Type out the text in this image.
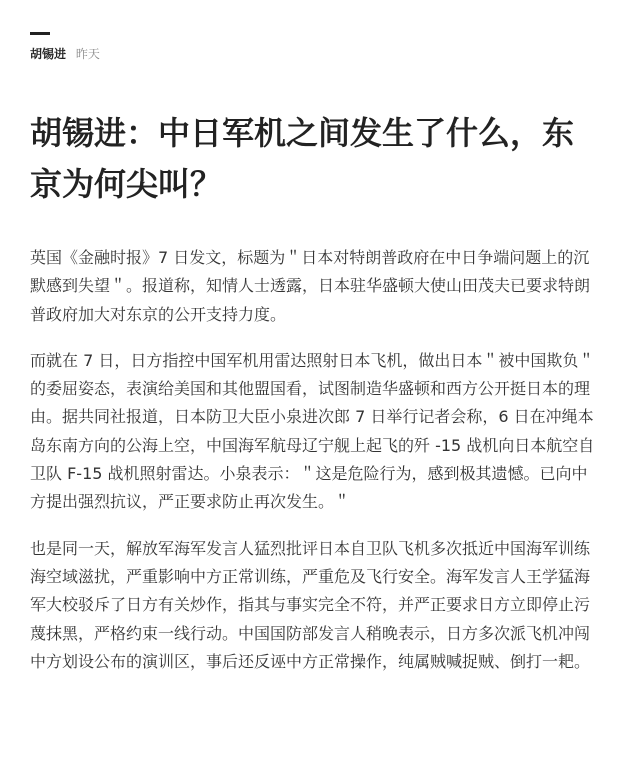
胡锡进 昨天
胡锡进：中日军机之间发生了什么，东京为何尖叫？

英国《金融时报》7 日发文，标题为＂日本对特朗普政府在中日争端问题上的沉默感到失望＂。报道称，知情人士透露，日本驻华盛顿大使山田茂夫已要求特朗普政府加大对东京的公开支持力度。

而就在 7 日，日方指控中国军机用雷达照射日本飞机，做出日本＂被中国欺负＂的委屈姿态，表演给美国和其他盟国看，试图制造华盛顿和西方公开挺日本的理由。据共同社报道，日本防卫大臣小泉进次郎 7 日举行记者会称，6 日在冲绳本岛东南方向的公海上空，中国海军航母辽宁舰上起飞的歼 -15 战机向日本航空自卫队 F-15 战机照射雷达。小泉表示：＂这是危险行为，感到极其遗憾。已向中方提出强烈抗议，严正要求防止再次发生。＂

也是同一天，解放军海军发言人猛烈批评日本自卫队飞机多次抵近中国海军训练海空域滋扰，严重影响中方正常训练，严重危及飞行安全。海军发言人王学猛海军大校驳斥了日方有关炒作，指其与事实完全不符，并严正要求日方立即停止污蔑抹黑，严格约束一线行动。中国国防部发言人稍晚表示，日方多次派飞机冲闯中方划设公布的演训区，事后还反诬中方正常操作，纯属贼喊捉贼、倒打一耙。
